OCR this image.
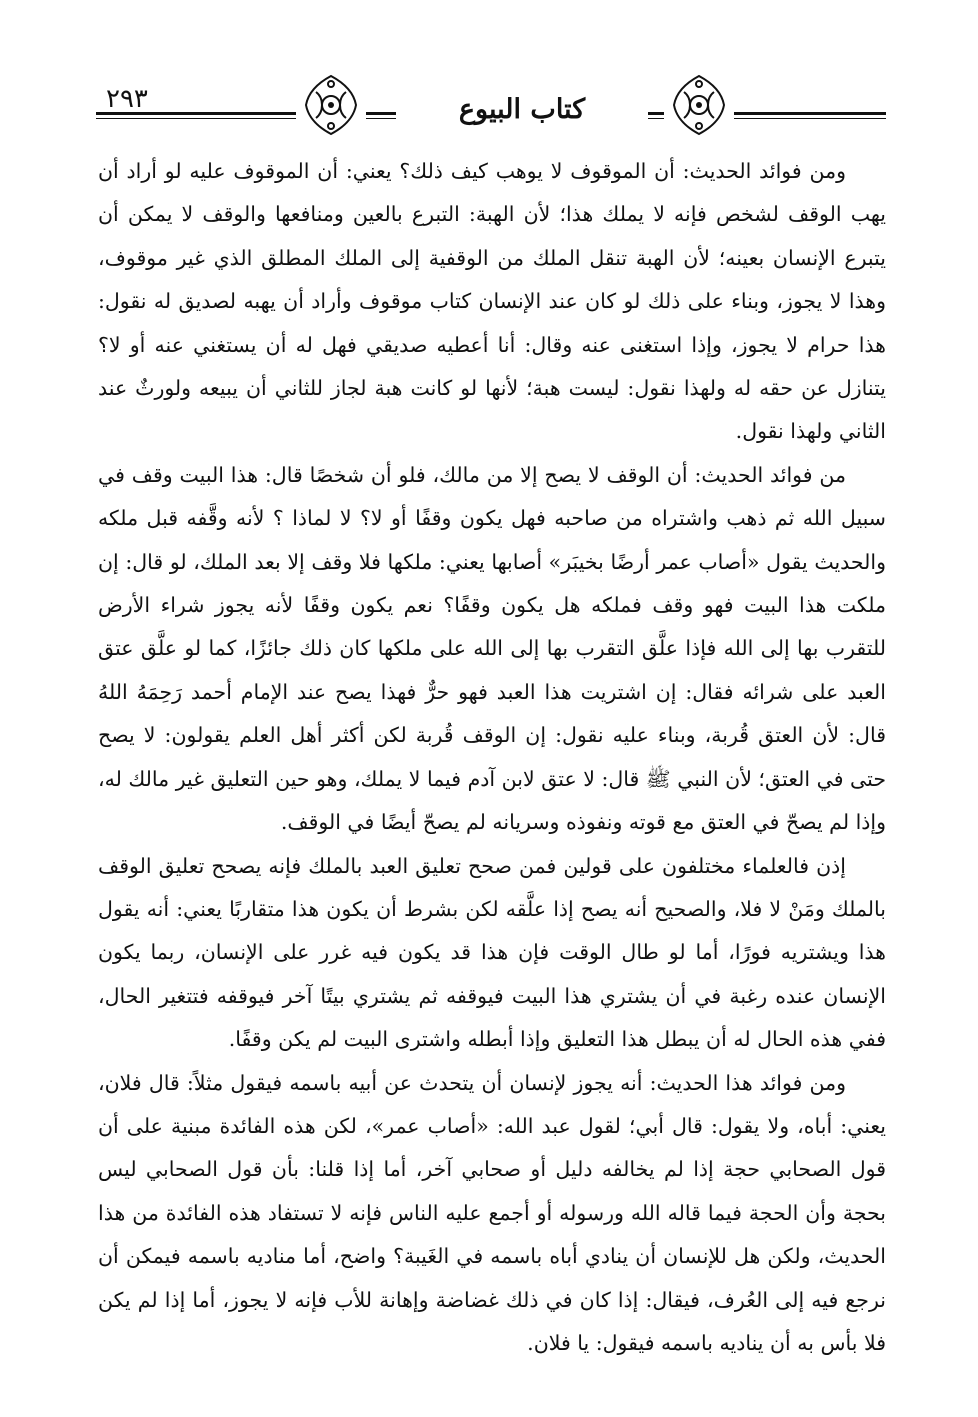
٢٩٣	كتاب البيوع

ومن فوائد الحديث: أن الموقوف لا يوهب كيف ذلك؟ يعني: أن الموقوف عليه لو أراد أن يهب الوقف لشخص فإنه لا يملك هذا؛ لأن الهبة: التبرع بالعين ومنافعها والوقف لا يمكن أن يتبرع الإنسان بعينه؛ لأن الهبة تنقل الملك من الوقفية إلى الملك المطلق الذي غير موقوف، وهذا لا يجوز، وبناء على ذلك لو كان عند الإنسان كتاب موقوف وأراد أن يهبه لصديق له نقول: هذا حرام لا يجوز، وإذا استغنى عنه وقال: أنا أعطيه صديقي فهل له أن يستغني عنه أو لا؟ يتنازل عن حقه له ولهذا نقول: ليست هبة؛ لأنها لو كانت هبة لجاز للثاني أن يبيعه ولورثٌ عند الثاني ولهذا نقول.

من فوائد الحديث: أن الوقف لا يصح إلا من مالك، فلو أن شخصًا قال: هذا البيت وقف في سبيل الله ثم ذهب واشتراه من صاحبه فهل يكون وقفًا أو لا؟ لا لماذا ؟ لأنه وقَّفه قبل ملكه والحديث يقول «أصاب عمر أرضًا بخيبَر» أصابها يعني: ملكها فلا وقف إلا بعد الملك، لو قال: إن ملكت هذا البيت فهو وقف فملكه هل يكون وقفًا؟ نعم يكون وقفًا لأنه يجوز شراء الأرض للتقرب بها إلى الله فإذا علَّق التقرب بها إلى الله على ملكها كان ذلك جائزًا، كما لو علَّق عتق العبد على شرائه فقال: إن اشتريت هذا العبد فهو حرٌّ فهذا يصح عند الإمام أحمد رَحِمَهُ اللهُ قال: لأن العتق قُربة، وبناء عليه نقول: إن الوقف قُربة لكن أكثر أهل العلم يقولون: لا يصح حتى في العتق؛ لأن النبي ﷺ قال: لا عتق لابن آدم فيما لا يملك، وهو حين التعليق غير مالك له، وإذا لم يصحّ في العتق مع قوته ونفوذه وسريانه لم يصحّ أيضًا في الوقف.

إذن فالعلماء مختلفون على قولين فمن صحح تعليق العبد بالملك فإنه يصحح تعليق الوقف بالملك ومَنْ لا فلا، والصحيح أنه يصح إذا علَّقه لكن بشرط أن يكون هذا متقاربًا يعني: أنه يقول هذا ويشتريه فورًا، أما لو طال الوقت فإن هذا قد يكون فيه غرر على الإنسان، ربما يكون الإنسان عنده رغبة في أن يشتري هذا البيت فيوقفه ثم يشتري بيتًا آخر فيوقفه فتتغير الحال، ففي هذه الحال له أن يبطل هذا التعليق وإذا أبطله واشترى البيت لم يكن وقفًا.

ومن فوائد هذا الحديث: أنه يجوز لإنسان أن يتحدث عن أبيه باسمه فيقول مثلاً: قال فلان، يعني: أباه، ولا يقول: قال أبي؛ لقول عبد الله: «أصاب عمر»، لكن هذه الفائدة مبنية على أن قول الصحابي حجة إذا لم يخالفه دليل أو صحابي آخر، أما إذا قلنا: بأن قول الصحابي ليس بحجة وأن الحجة فيما قاله الله ورسوله أو أجمع عليه الناس فإنه لا تستفاد هذه الفائدة من هذا الحديث، ولكن هل للإنسان أن ينادي أباه باسمه في الغَيبة؟ واضح، أما مناديه باسمه فيمكن أن نرجع فيه إلى العُرف، فيقال: إذا كان في ذلك غضاضة وإهانة للأب فإنه لا يجوز، أما إذا لم يكن فلا بأس به أن يناديه باسمه فيقول: يا فلان.
